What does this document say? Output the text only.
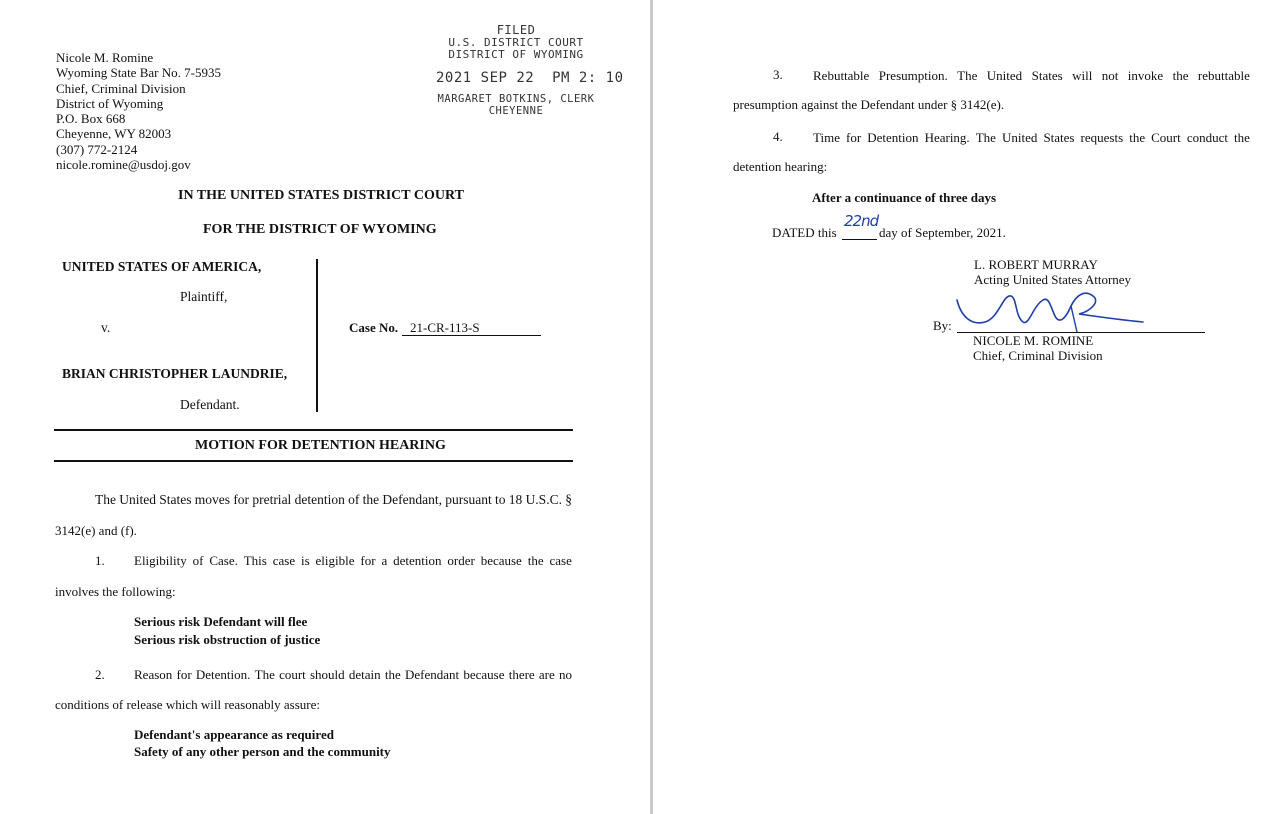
Nicole M. Romine
Wyoming State Bar No. 7-5935
Chief, Criminal Division
District of Wyoming
P.O. Box 668
Cheyenne, WY 82003
(307) 772-2124
nicole.romine@usdoj.gov
FILED
U.S. DISTRICT COURT
DISTRICT OF WYOMING
2021 SEP 22  PM 2: 10
MARGARET BOTKINS, CLERK
CHEYENNE
IN THE UNITED STATES DISTRICT COURT
FOR THE DISTRICT OF WYOMING
UNITED STATES OF AMERICA,
Plaintiff,
v.
BRIAN CHRISTOPHER LAUNDRIE,
Defendant.
Case No. 21-CR-113-S
MOTION FOR DETENTION HEARING
The United States moves for pretrial detention of the Defendant, pursuant to 18 U.S.C. §
3142(e) and (f).
1. Eligibility of Case. This case is eligible for a detention order because the case
involves the following:
Serious risk Defendant will flee
Serious risk obstruction of justice
2. Reason for Detention. The court should detain the Defendant because there are no
conditions of release which will reasonably assure:
Defendant's appearance as required
Safety of any other person and the community
3. Rebuttable Presumption. The United States will not invoke the rebuttable
presumption against the Defendant under § 3142(e).
4. Time for Detention Hearing. The United States requests the Court conduct the
detention hearing:
After a continuance of three days
DATED this
22nd
day of September, 2021.
L. ROBERT MURRAY
Acting United States Attorney
By:
NICOLE M. ROMINE
Chief, Criminal Division
